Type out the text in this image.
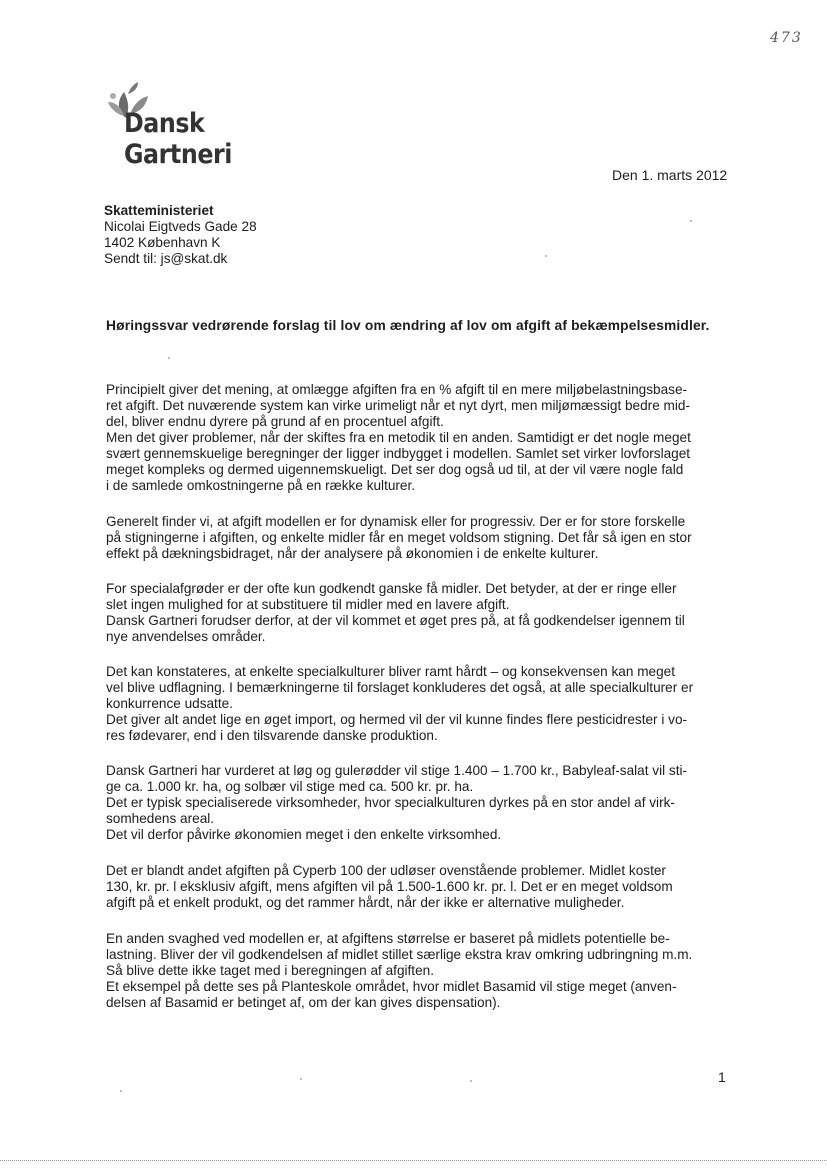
473
Dansk Gartneri
Den 1. marts 2012
Skatteministeriet
Nicolai Eigtveds Gade 28
1402 København K
Sendt til: js@skat.dk
Høringssvar vedrørende forslag til lov om ændring af lov om afgift af bekæmpelsesmidler.
Principielt giver det mening, at omlægge afgiften fra en % afgift til en mere miljøbelastningsbase-
ret afgift. Det nuværende system kan virke urimeligt når et nyt dyrt, men miljømæssigt bedre mid-
del, bliver endnu dyrere på grund af en procentuel afgift.
Men det giver problemer, når der skiftes fra en metodik til en anden. Samtidigt er det nogle meget
svært gennemskuelige beregninger der ligger indbygget i modellen. Samlet set virker lovforslaget
meget kompleks og dermed uigennemskueligt. Det ser dog også ud til, at der vil være nogle fald
i de samlede omkostningerne på en række kulturer.
Generelt finder vi, at afgift modellen er for dynamisk eller for progressiv. Der er for store forskelle
på stigningerne i afgiften, og enkelte midler får en meget voldsom stigning. Det får så igen en stor
effekt på dækningsbidraget, når der analysere på økonomien i de enkelte kulturer.
For specialafgrøder er der ofte kun godkendt ganske få midler. Det betyder, at der er ringe eller
slet ingen mulighed for at substituere til midler med en lavere afgift.
Dansk Gartneri forudser derfor, at der vil kommet et øget pres på, at få godkendelser igennem til
nye anvendelses områder.
Det kan konstateres, at enkelte specialkulturer bliver ramt hårdt – og konsekvensen kan meget
vel blive udflagning. I bemærkningerne til forslaget konkluderes det også, at alle specialkulturer er
konkurrence udsatte.
Det giver alt andet lige en øget import, og hermed vil der vil kunne findes flere pesticidrester i vo-
res fødevarer, end i den tilsvarende danske produktion.
Dansk Gartneri har vurderet at løg og gulerødder vil stige 1.400 – 1.700 kr., Babyleaf-salat vil sti-
ge ca. 1.000 kr. ha, og solbær vil stige med ca. 500 kr. pr. ha.
Det er typisk specialiserede virksomheder, hvor specialkulturen dyrkes på en stor andel af virk-
somhedens areal.
Det vil derfor påvirke økonomien meget i den enkelte virksomhed.
Det er blandt andet afgiften på Cyperb 100 der udløser ovenstående problemer. Midlet koster
130, kr. pr. l eksklusiv afgift, mens afgiften vil på 1.500-1.600 kr. pr. l. Det er en meget voldsom
afgift på et enkelt produkt, og det rammer hårdt, når der ikke er alternative muligheder.
En anden svaghed ved modellen er, at afgiftens størrelse er baseret på midlets potentielle be-
lastning. Bliver der vil godkendelsen af midlet stillet særlige ekstra krav omkring udbringning m.m.
Så blive dette ikke taget med i beregningen af afgiften.
Et eksempel på dette ses på Planteskole området, hvor midlet Basamid vil stige meget (anven-
delsen af Basamid er betinget af, om der kan gives dispensation).
1
